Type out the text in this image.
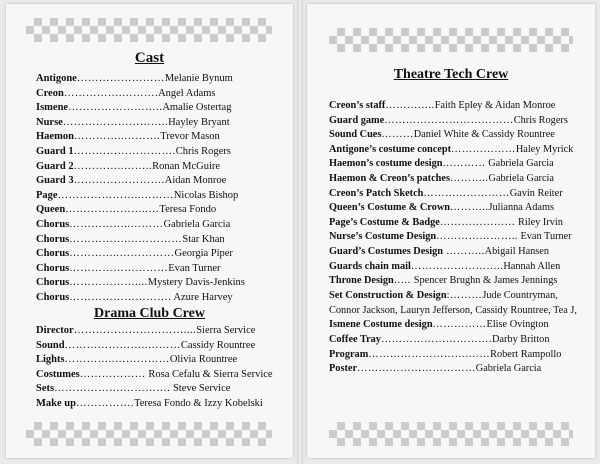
Cast
Antigone……………………Melanie Bynum
Creon…………….……….Angel Adams
Ismene……………………..Amalie Ostertag
Nurse………………………..Hayley Bryant
Haemon…………..……….Trevor Mason
Guard 1……………………….Chris Rogers
Guard 2…………..……..Ronan McGuire
Guard 3…………………….Aidan Monroe
Page…………………..………Nicolas Bishop
Queen…………………..…Teresa Fondo
Chorus……………..………Gabriela Garcia
Chorus…………….……………Star Khan
Chorus…………..……………Georgia Piper
Chorus………………………Evan Turner
Chorus………………....Mystery Davis-Jenkins
Chorus………………………. Azure Harvey
Drama Club Crew
Director…………………………....Sierra Service
Sound…………………..………Cassidy Rountree
Lights…………..……………Olivia Rountree
Costumes……………… Rosa Cefalu & Sierra Service
Sets……………….…………. Steve Service
Make up…………….Teresa Fondo & Izzy Kobelski
Theatre Tech Crew
Creon’s staff…………..Faith Epley & Aidan Monroe
Guard game………………………………Chris Rogers
Sound Cues………Daniel White & Cassidy Rountree
Antigone’s costume concept………………Haley Myrick
Haemon’s costume design………… Gabriela Garcia
Haemon & Creon’s patches………..Gabriela Garcia
Creon’s Patch Sketch……………………Gavin Reiter
Queen’s Costume & Crown………..Julianna Adams
Page’s Costume & Badge………………… Riley Irvin
Nurse’s Costume Design………………….. Evan Turner
Guard’s Costumes Design ………..Abigail Hansen
Guards chain mail……………………..Hannah Allen
Throne Design….. Spencer Brughn & James Jennings
Set Construction & Design:………Jude Countryman, Connor Jackson, Lauryn Jefferson, Cassidy Rountree, Tea J,
Ismene Costume design……………Elise Ovington
Coffee Tray………………………….Darby Britton
Program……………………….……Robert Rampollo
Poster……………………………Gabriela Garcia
